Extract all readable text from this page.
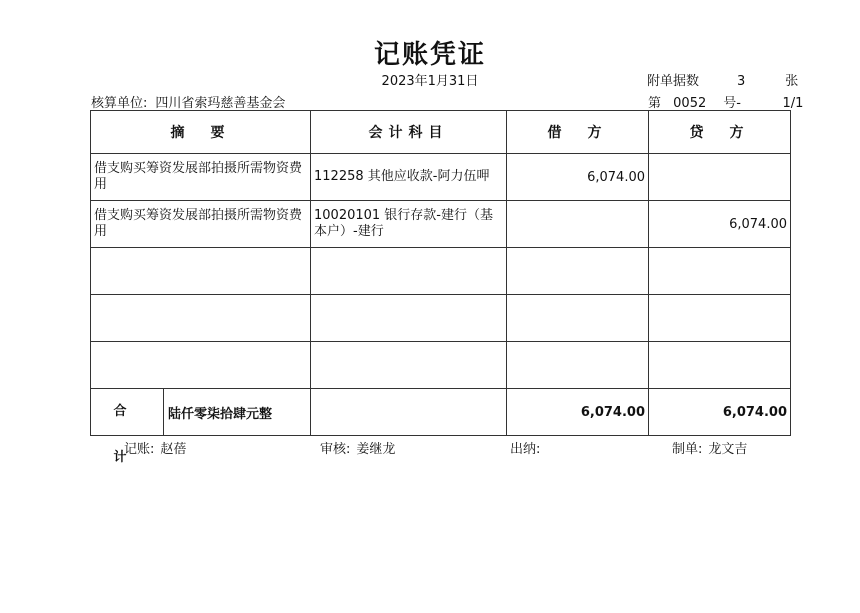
记账凭证
2023年1月31日	附单据数	3	张
核算单位: 四川省索玛慈善基金会	第 0052 号-	1/1
摘　要	会计科目	借　方	贷　方
借支购买筹资发展部拍摄所需物资费用	112258 其他应收款-阿力伍呷	6,074.00	
借支购买筹资发展部拍摄所需物资费用	10020101 银行存款-建行（基本户）-建行		6,074.00

合 计
陆仟零柒拾肆元整		6,074.00	6,074.00
记账: 赵蓓	审核: 姜继龙	出纳:	制单: 龙文吉
